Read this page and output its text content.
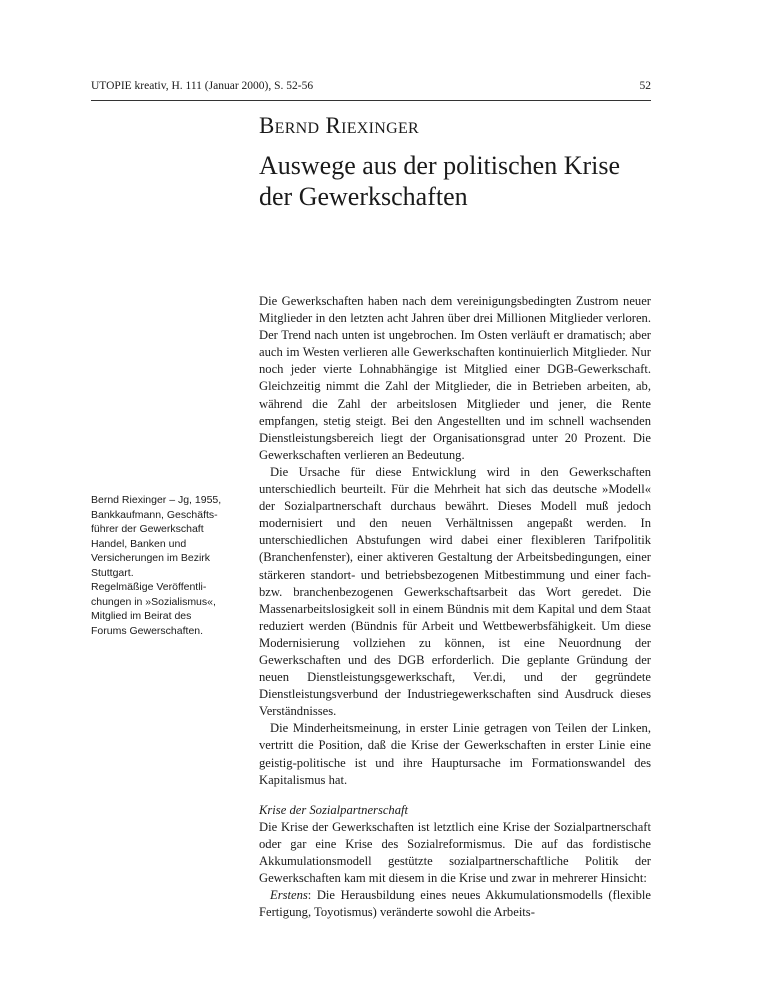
UTOPIE kreativ, H. 111 (Januar 2000), S. 52-56	52
Bernd Riexinger
Auswege aus der politischen Krise
der Gewerkschaften
Bernd Riexinger – Jg, 1955,
Bankkaufmann, Geschäfts-
führer der Gewerkschaft
Handel, Banken und
Versicherungen im Bezirk
Stuttgart.
Regelmäßige Veröffentli-
chungen in »Sozialismus«,
Mitglied im Beirat des
Forums Gewerschaften.

Die Gewerkschaften haben nach dem vereinigungsbedingten Zustrom neuer Mitglieder in den letzten acht Jahren über drei Millionen Mitglieder verloren. Der Trend nach unten ist ungebrochen. Im Osten verläuft er dramatisch; aber auch im Westen verlieren alle Gewerkschaften kontinuierlich Mitglieder. Nur noch jeder vierte Lohnabhängige ist Mitglied einer DGB-Gewerkschaft. Gleichzeitig nimmt die Zahl der Mitglieder, die in Betrieben arbeiten, ab, während die Zahl der arbeitslosen Mitglieder und jener, die Rente empfangen, stetig steigt. Bei den Angestellten und im schnell wachsenden Dienstleistungsbereich liegt der Organisationsgrad unter 20 Prozent. Die Gewerkschaften verlieren an Bedeutung.

Die Ursache für diese Entwicklung wird in den Gewerkschaften unterschiedlich beurteilt. Für die Mehrheit hat sich das deutsche »Modell« der Sozialpartnerschaft durchaus bewährt. Dieses Modell muß jedoch modernisiert und den neuen Verhältnissen angepaßt werden. In unterschiedlichen Abstufungen wird dabei einer flexibleren Tarifpolitik (Branchenfenster), einer aktiveren Gestaltung der Arbeitsbedingungen, einer stärkeren standort- und betriebsbezogenen Mitbestimmung und einer fach- bzw. branchenbezogenen Gewerkschaftsarbeit das Wort geredet. Die Massenarbeitslosigkeit soll in einem Bündnis mit dem Kapital und dem Staat reduziert werden (Bündnis für Arbeit und Wettbewerbsfähigkeit. Um diese Modernisierung vollziehen zu können, ist eine Neuordnung der Gewerkschaften und des DGB erforderlich. Die geplante Gründung der neuen Dienstleistungsgewerkschaft, Ver.di, und der gegründete Dienstleistungsverbund der Industriegewerkschaften sind Ausdruck dieses Verständnisses.

Die Minderheitsmeinung, in erster Linie getragen von Teilen der Linken, vertritt die Position, daß die Krise der Gewerkschaften in erster Linie eine geistig-politische ist und ihre Hauptursache im Formationswandel des Kapitalismus hat.

Krise der Sozialpartnerschaft

Die Krise der Gewerkschaften ist letztlich eine Krise der Sozialpartnerschaft oder gar eine Krise des Sozialreformismus. Die auf das fordistische Akkumulationsmodell gestützte sozialpartnerschaftliche Politik der Gewerkschaften kam mit diesem in die Krise und zwar in mehrerer Hinsicht:

Erstens: Die Herausbildung eines neues Akkumulationsmodells (flexible Fertigung, Toyotismus) veränderte sowohl die Arbeits-
